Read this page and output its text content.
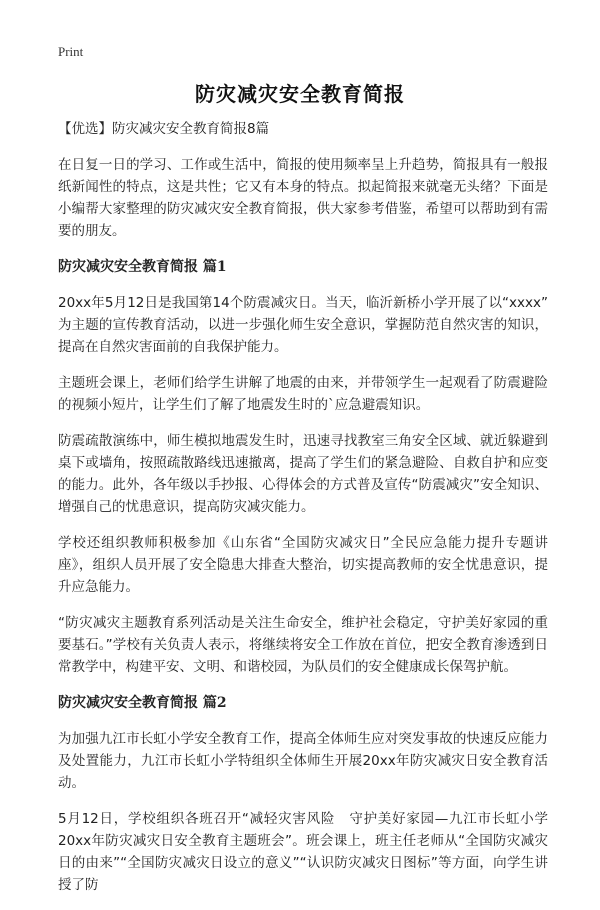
Print
防灾减灾安全教育简报

【优选】防灾减灾安全教育简报8篇

在日复一日的学习、工作或生活中，简报的使用频率呈上升趋势，简报具有一般报纸新闻性的特点，这是共性；它又有本身的特点。拟起简报来就毫无头绪？下面是小编帮大家整理的防灾减灾安全教育简报，供大家参考借鉴，希望可以帮助到有需要的朋友。

防灾减灾安全教育简报 篇1

20xx年5月12日是我国第14个防震减灾日。当天，临沂新桥小学开展了以“xxxx” 为主题的宣传教育活动，以进一步强化师生安全意识，掌握防范自然灾害的知识，提高在自然灾害面前的自我保护能力。

主题班会课上，老师们给学生讲解了地震的由来，并带领学生一起观看了防震避险的视频小短片，让学生们了解了地震发生时的`应急避震知识。

防震疏散演练中，师生模拟地震发生时，迅速寻找教室三角安全区域、就近躲避到桌下或墙角，按照疏散路线迅速撤离，提高了学生们的紧急避险、自救自护和应变的能力。此外，各年级以手抄报、心得体会的方式普及宣传“防震减灾”安全知识、增强自己的忧患意识，提高防灾减灾能力。

学校还组织教师积极参加《山东省“全国防灾减灾日”全民应急能力提升专题讲座》，组织人员开展了安全隐患大排查大整治，切实提高教师的安全忧患意识，提升应急能力。

“防灾减灾主题教育系列活动是关注生命安全，维护社会稳定，守护美好家园的重要基石。”学校有关负责人表示，将继续将安全工作放在首位，把安全教育渗透到日常教学中，构建平安、文明、和谐校园，为队员们的安全健康成长保驾护航。

防灾减灾安全教育简报 篇2

为加强九江市长虹小学安全教育工作，提高全体师生应对突发事故的快速反应能力及处置能力，九江市长虹小学特组织全体师生开展20xx年防灾减灾日安全教育活动。

5月12日，学校组织各班召开“减轻灾害风险　守护美好家园—九江市长虹小学20xx年防灾减灾日安全教育主题班会”。班会课上，班主任老师从“全国防灾减灾日的由来”“全国防灾减灾日设立的意义”“认识防灾减灾日图标”等方面，向学生讲授了防
